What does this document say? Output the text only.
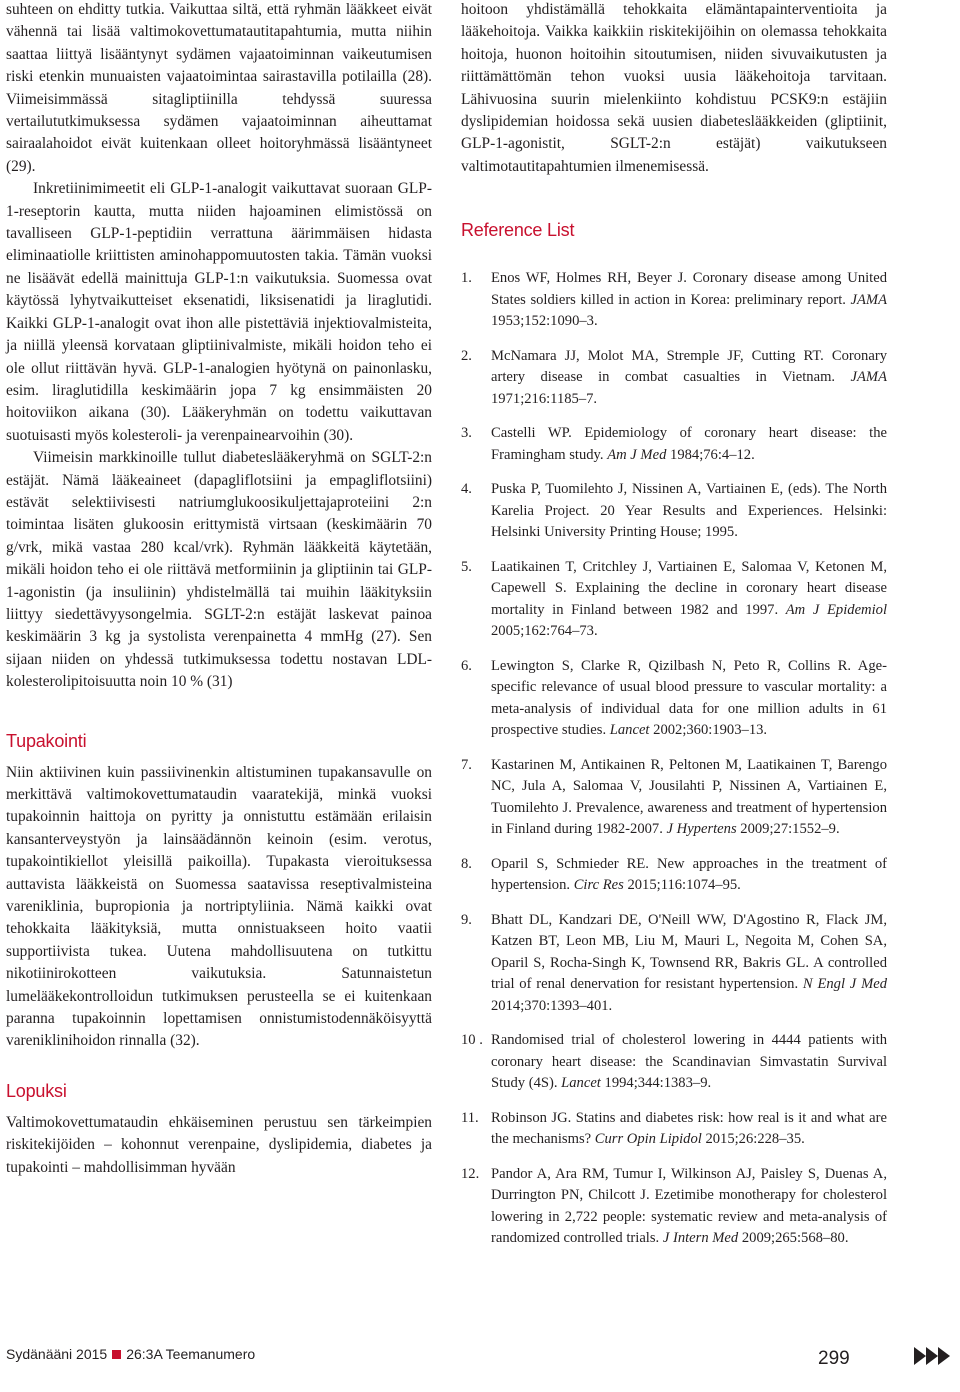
suhteen on ehditty tutkia. Vaikuttaa siltä, että ryhmän lääkkeet eivät vähennä tai lisää valtimokovettumatautitapahtumia, mutta niihin saattaa liittyä lisääntynyt sydämen vajaatoiminnan vaikeutumisen riski etenkin munuaisten vajaatoimintaa sairastavilla potilailla (28). Viimeisimmässä sitagliptiinilla tehdyssä suuressa vertailututkimuksessa sydämen vajaatoiminnan aiheuttamat sairaalahoidot eivät kuitenkaan olleet hoitoryhmässä lisääntyneet (29).

Inkretiinimimeetit eli GLP-1-analogit vaikuttavat suoraan GLP-1-reseptorin kautta, mutta niiden hajoaminen elimistössä on tavalliseen GLP-1-peptidiin verrattuna äärimmäisen hidasta eliminaatiolle kriittisten aminohappomuutosten takia. Tämän vuoksi ne lisäävät edellä mainittuja GLP-1:n vaikutuksia. Suomessa ovat käytössä lyhytvaikutteiset eksenatidi, liksisenatidi ja liraglutidi. Kaikki GLP-1-analogit ovat ihon alle pistettäviä injektiovalmisteita, ja niillä yleensä korvataan gliptiinivalmiste, mikäli hoidon teho ei ole ollut riittävän hyvä. GLP-1-analogien hyötynä on painonlasku, esim. liraglutidilla keskimäärin jopa 7 kg ensimmäisten 20 hoitoviikon aikana (30). Lääkeryhmän on todettu vaikuttavan suotuisasti myös kolesteroli- ja verenpainearvoihin (30).

Viimeisin markkinoille tullut diabeteslääkeryhmä on SGLT-2:n estäjät. Nämä lääkeaineet (dapagliflotsiini ja empagliflotsiini) estävät selektiivisesti natriumglukoosikuljettajaproteiini 2:n toimintaa lisäten glukoosin erittymistä virtsaan (keskimäärin 70 g/vrk, mikä vastaa 280 kcal/vrk). Ryhmän lääkkeitä käytetään, mikäli hoidon teho ei ole riittävä metformiinin ja gliptiinin tai GLP-1-agonistin (ja insuliinin) yhdistelmällä tai muihin lääkityksiin liittyy siedettävyysongelmia. SGLT-2:n estäjät laskevat painoa keskimäärin 3 kg ja systolista verenpainetta 4 mmHg (27). Sen sijaan niiden on yhdessä tutkimuksessa todettu nostavan LDL-kolesterolipitoisuutta noin 10 % (31)

Tupakointi

Niin aktiivinen kuin passiivinenkin altistuminen tupakansavulle on merkittävä valtimokovettumataudin vaaratekijä, minkä vuoksi tupakoinnin haittoja on pyritty ja onnistuttu estämään erilaisin kansanterveystyön ja lainsäädännön keinoin (esim. verotus, tupakointikiellot yleisillä paikoilla). Tupakasta vieroituksessa auttavista lääkkeistä on Suomessa saatavissa reseptivalmisteina vareniklinia, bupropionia ja nortriptyliinia. Nämä kaikki ovat tehokkaita lääkityksiä, mutta onnistuakseen hoito vaatii supportiivista tukea. Uutena mahdollisuutena on tutkittu nikotiinirokotteen vaikutuksia. Satunnaistetun lumelääkekontrolloidun tutkimuksen perusteella se ei kuitenkaan paranna tupakoinnin lopettamisen onnistumistodennäköisyyttä vareniklinihoidon rinnalla (32).

Lopuksi

Valtimokovettumataudin ehkäiseminen perustuu sen tärkeimpien riskitekijöiden – kohonnut verenpaine, dyslipidemia, diabetes ja tupakointi – mahdollisimman hyvään

hoitoon yhdistämällä tehokkaita elämäntapainterventioita ja lääkehoitoja. Vaikka kaikkiin riskitekijöihin on olemassa tehokkaita hoitoja, huonon hoitoihin sitoutumisen, niiden sivuvaikutusten ja riittämättömän tehon vuoksi uusia lääkehoitoja tarvitaan. Lähivuosina suurin mielenkiinto kohdistuu PCSK9:n estäjiin dyslipidemian hoidossa sekä uusien diabeteslääkkeiden (gliptiinit, GLP-1-agonistit, SGLT-2:n estäjät) vaikutukseen valtimotautitapahtumien ilmenemisessä.

Reference List
1. Enos WF, Holmes RH, Beyer J. Coronary disease among United States soldiers killed in action in Korea: preliminary report. JAMA 1953;152:1090–3.
2. McNamara JJ, Molot MA, Stremple JF, Cutting RT. Coronary artery disease in combat casualties in Vietnam. JAMA 1971;216:1185–7.
3. Castelli WP. Epidemiology of coronary heart disease: the Framingham study. Am J Med 1984;76:4–12.
4. Puska P, Tuomilehto J, Nissinen A, Vartiainen E, (eds). The North Karelia Project. 20 Year Results and Experiences. Helsinki: Helsinki University Printing House; 1995.
5. Laatikainen T, Critchley J, Vartiainen E, Salomaa V, Ketonen M, Capewell S. Explaining the decline in coronary heart disease mortality in Finland between 1982 and 1997. Am J Epidemiol 2005;162:764–73.
6. Lewington S, Clarke R, Qizilbash N, Peto R, Collins R. Age-specific relevance of usual blood pressure to vascular mortality: a meta-analysis of individual data for one million adults in 61 prospective studies. Lancet 2002;360:1903–13.
7. Kastarinen M, Antikainen R, Peltonen M, Laatikainen T, Barengo NC, Jula A, Salomaa V, Jousilahti P, Nissinen A, Vartiainen E, Tuomilehto J. Prevalence, awareness and treatment of hypertension in Finland during 1982-2007. J Hypertens 2009;27:1552–9.
8. Oparil S, Schmieder RE. New approaches in the treatment of hypertension. Circ Res 2015;116:1074–95.
9. Bhatt DL, Kandzari DE, O'Neill WW, D'Agostino R, Flack JM, Katzen BT, Leon MB, Liu M, Mauri L, Negoita M, Cohen SA, Oparil S, Rocha-Singh K, Townsend RR, Bakris GL. A controlled trial of renal denervation for resistant hypertension. N Engl J Med 2014;370:1393–401.
10 . Randomised trial of cholesterol lowering in 4444 patients with coronary heart disease: the Scandinavian Simvastatin Survival Study (4S). Lancet 1994;344:1383–9.
11. Robinson JG. Statins and diabetes risk: how real is it and what are the mechanisms? Curr Opin Lipidol 2015;26:228–35.
12. Pandor A, Ara RM, Tumur I, Wilkinson AJ, Paisley S, Duenas A, Durrington PN, Chilcott J. Ezetimibe monotherapy for cholesterol lowering in 2,722 people: systematic review and meta-analysis of randomized controlled trials. J Intern Med 2009;265:568–80.
Sydänääni 2015 26:3A Teemanumero	299
